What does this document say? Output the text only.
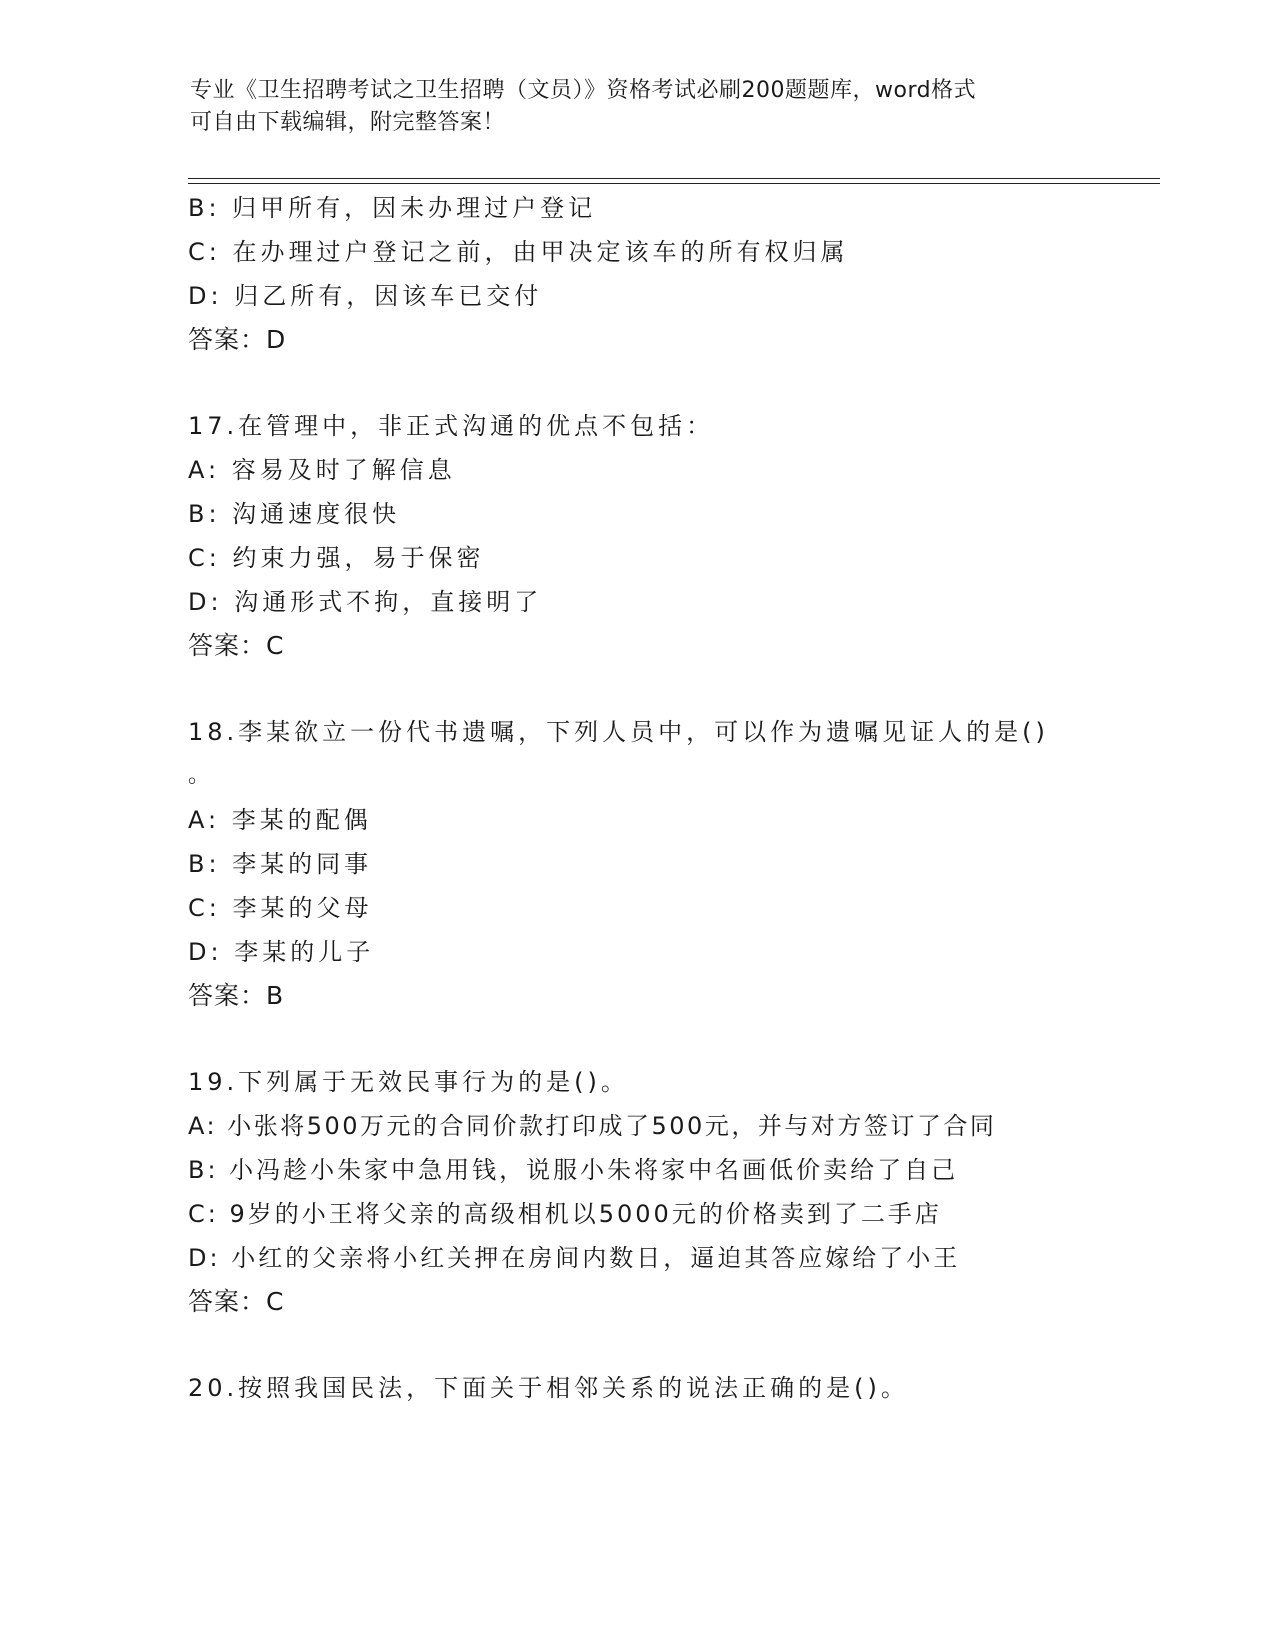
专业《卫生招聘考试之卫生招聘（文员）》资格考试必刷200题题库，word格式
可自由下载编辑，附完整答案！
B: 归甲所有，因未办理过户登记
C: 在办理过户登记之前，由甲决定该车的所有权归属
D: 归乙所有，因该车已交付
答案：D
17.在管理中，非正式沟通的优点不包括：
A: 容易及时了解信息
B: 沟通速度很快
C: 约束力强，易于保密
D: 沟通形式不拘，直接明了
答案：C
18.李某欲立一份代书遗嘱，下列人员中，可以作为遗嘱见证人的是()
。
A: 李某的配偶
B: 李某的同事
C: 李某的父母
D: 李某的儿子
答案：B
19.下列属于无效民事行为的是()。
A: 小张将500万元的合同价款打印成了500元，并与对方签订了合同
B: 小冯趁小朱家中急用钱，说服小朱将家中名画低价卖给了自己
C: 9岁的小王将父亲的高级相机以5000元的价格卖到了二手店
D: 小红的父亲将小红关押在房间内数日，逼迫其答应嫁给了小王
答案：C
20.按照我国民法，下面关于相邻关系的说法正确的是()。
